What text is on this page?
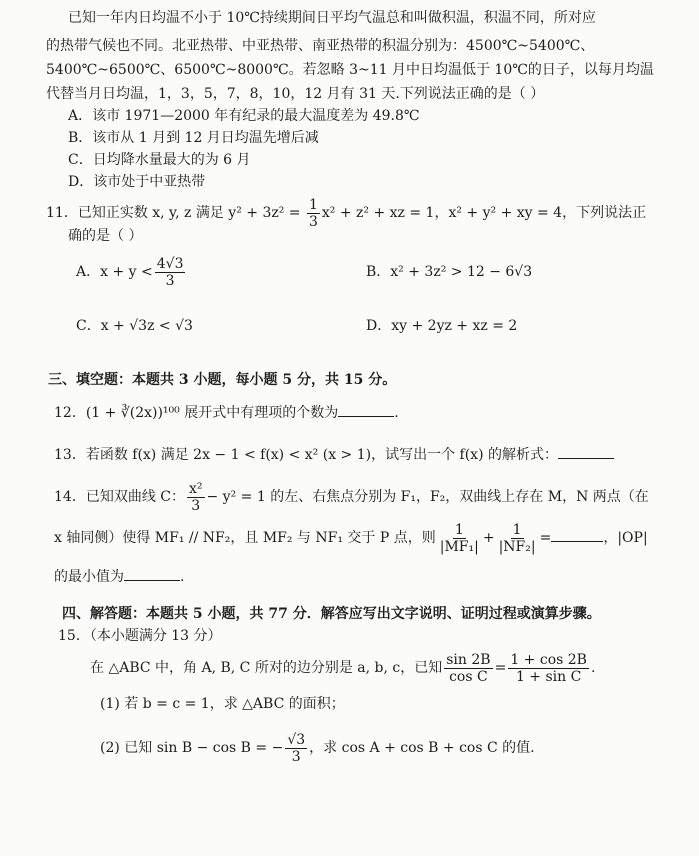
已知一年内日均温不小于 10℃持续期间日平均气温总和叫做积温，积温不同，所对应
的热带气候也不同。北亚热带、中亚热带、南亚热带的积温分别为：4500℃~5400℃、
5400℃~6500℃、6500℃~8000℃。若忽略 3~11 月中日均温低于 10℃的日子，以每月均温
代替当月日均温，1，3，5，7，8，10，12 月有 31 天.下列说法正确的是（ ）
A．该市 1971—2000 年有纪录的最大温度差为 49.8℃
B．该市从 1 月到 12 月日均温先增后减
C．日均降水量最大的为 6 月
D．该市处于中亚热带
11．已知正实数 x, y, z 满足 $y^2 + 3z^2 = \frac{1}{3} x^2 + z^2$ + xz = 1，x² + y² + xy = 4，下列说法正
确的是（ ）
A．$x + y < \frac{4√3}{3}$	B．x² + 3z² > 12 − 6√3
C．x + √3z < √3	D．xy + 2yz + xz = 2
三、填空题：本题共 3 小题，每小题 5 分，共 15 分。
12．(1 + ∛(2x))¹⁰⁰ 展开式中有理项的个数为	.
13．若函数 f(x) 满足 2x − 1 < f(x) < x² (x > 1)，试写出一个 f(x) 的解析式：
14．已知双曲线 C： $\frac{\text{x²}}{3} - y^2 = 1$ 的左、右焦点分别为 F₁，F₂，双曲线上存在 M，N 两点（在
x 轴同侧）使得 MF₁ // NF₂，且 MF₂ 与 NF₁ 交于 P 点，则 $\frac{1}{\text{|MF₁|}} + \frac{1}{\text{|NF₂|}}$ =	，|OP|
的最小值为	.
四、解答题：本题共 5 小题，共 77 分．解答应写出文字说明、证明过程或演算步骤。
15．（本小题满分 13 分）
在 △ABC 中，角 A, B, C 所对的边分别是 a, b, c，已知 $\frac{\sin 2B}{\text{cos C}} = \frac{1 + \cos 2B}{\text{1 + sin C}}$ .
(1) 若 b = c = 1，求 △ABC 的面积；
(2) 已知 sin B − cos B = − $\frac{√3}{3}$ ，求 cos A + cos B + cos C 的值.
